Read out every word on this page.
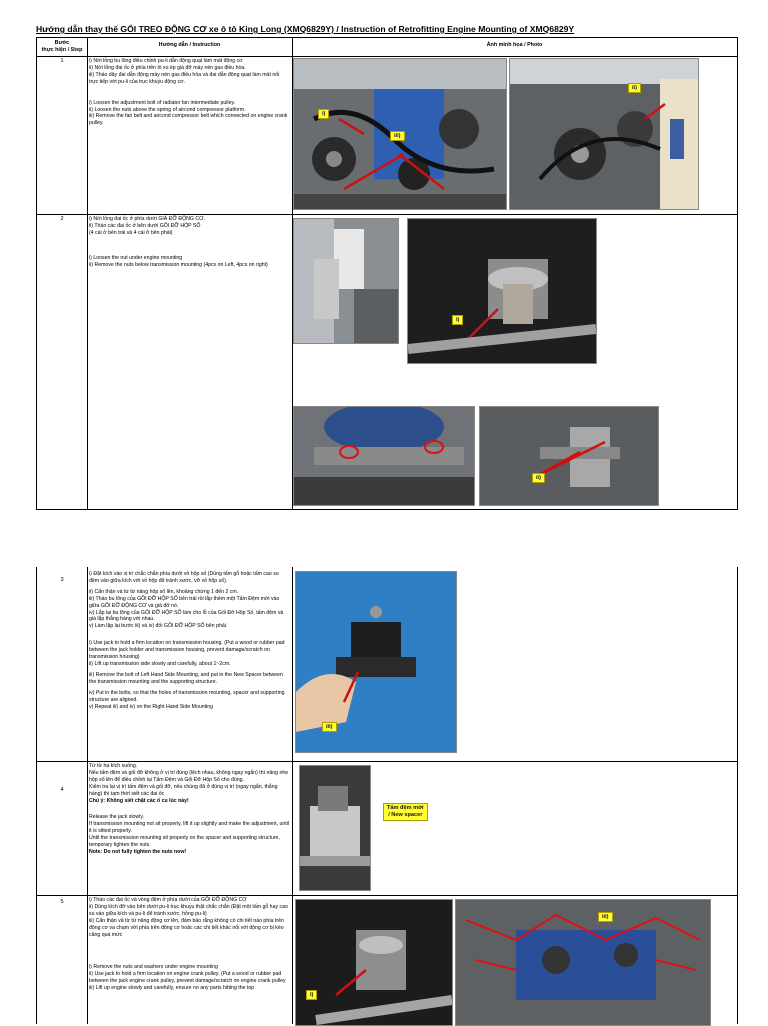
Hướng dẫn thay thế GỐI TREO ĐỘNG CƠ xe ô tô King Long (XMQ6829Y) / Instruction of Retrofitting Engine Mounting of XMQ6829Y
Bước
thực hiện / Step
Hướng dẫn / Instruction	Ảnh minh họa / Photo
1	i) Nới lỏng bu lông điều chỉnh pu-li dẫn động quạt làm mát động cơ

ii) Nới lỏng đai ốc ở phía trên lò xo ép giá đỡ máy nén gas điều hòa.

iii) Tháo dây đai dẫn động máy nén gas điều hòa và đai dẫn động quạt làm mát nối trực tiếp với pu-li của trục khuỷu động cơ.

i) Loosen the adjustment bolt of radiator fan intermediate pulley.

ii) Loosen the nuts above the spring of aircond compressor platform.

iii) Remove the fan belt and aircond compressor belt which connected on engine crank pulley.

i)
iii)
ii)
2	i) Nới lỏng đai ốc ở phía dưới GIÁ ĐỠ ĐỘNG CƠ.

ii) Tháo các đai ốc ở bên dưới GỐI ĐỠ HỘP SỐ

(4 cái ở bên trái và 4 cái ở bên phải)

i) Loosen the nut under engine mounting

ii) Remove the nuts below transmission mounting (4pcs on Left, 4pcs on right)

i)
ii)
3

i) Đặt kích vào vị trí chắc chắn phía dưới vỏ hộp số (Dùng tấm gỗ hoặc tấm cao su đệm vào giữa kích với vỏ hộp để tránh xước, vỡ vỏ hộp số).

ii) Cẩn thận và từ từ nâng hộp số lên, khoảng chừng 1 đến 2 cm.

iii) Tháo bu lông của GỐI ĐỠ HỘP SỐ bên trái rồi lắp thêm một Tấm Đệm mới vào giữa GỐI ĐỠ ĐỘNG CƠ và giá đỡ nó.

iv) Lắp lại bu lông của GỐI ĐỠ HỘP SỐ làm cho lỗ của Gối Đỡ Hộp Số, tấm đệm và giá lắp thẳng hàng với nhau.

v) Làm lặp lại bước iii) và iv) đối GỐI ĐỠ HỘP SỐ bên phải.

i) Use jack to hold a firm location on transmission housing. (Put a wood or rubber pad between the jack holder and transmission housing, prevent damage/scratch on transmission housing)

ii) Lift up transmission side slowly and carefully, about 1~2cm.

iii) Remove the bolt of Left Hand Side Mounting, and put in the New Spacer between the transmission mounting and the supporting structure.

iv) Put in the bolts, so that the holes of transmission mounting, spacer and supporting structure are aligned.

v) Repeat iii) and iv) on the Right Hand Side Mounting

iii)
4

Từ từ hạ kích xuống.

Nếu tấm đệm và gối đỡ không ở vị trí đúng (lệch nhau, không ngay ngắn) thì nâng nhẹ hộp số lên để điều chỉnh lại Tấm Đệm và Gối Đỡ Hộp Số cho đúng.

Kiểm tra lại vị trí tấm đệm và gối đỡ, nếu chúng đã ở đúng vị trí (ngay ngắn, thẳng hàng) thì tạm thời siết các đai ốc

Chú ý: Không siết chặt các ố cu lúc này!

Release the jack slowly.

If transmission mounting not sit properly, lift it up slightly and make the adjustment, until it is sitted properly.

Until the transmission mounting sit properly on the spacer and supporting structure, temporary tighten the nuts.

Note: Do not fully tighten the nuts now!

Tấm đệm mới
/ New spacer
5	i) Tháo các đai ốc và vòng đệm ở phía dưới của GỐI ĐỠ ĐỘNG CƠ

ii) Dùng kích đỡ vào bên dưới pu-li trục khuỷu thật chắc chắn (Đặt một tấm gỗ hay cao su vào giữa kích và pu-li để tránh xước, hỏng pu-li)

iii) Cẩn thận và từ từ nâng động cơ lên, đảm bảo rằng không có chi tiết nào phía trên động cơ va chạm với phía trên động cơ hoặc các chi tiết khác nối với động cơ bị kéo căng quá mức

i) Remove the nuts and washers under engine mounting

ii) Use jack to hold a firm location on engine crank pulley. (Put a wood or rubber pad between the jack engine crank pulley, prevent damage/scratch on engine crank pulley

iii) Lift up engine slowly and carefully, ensure no any parts hitting the top

i)
iii)
